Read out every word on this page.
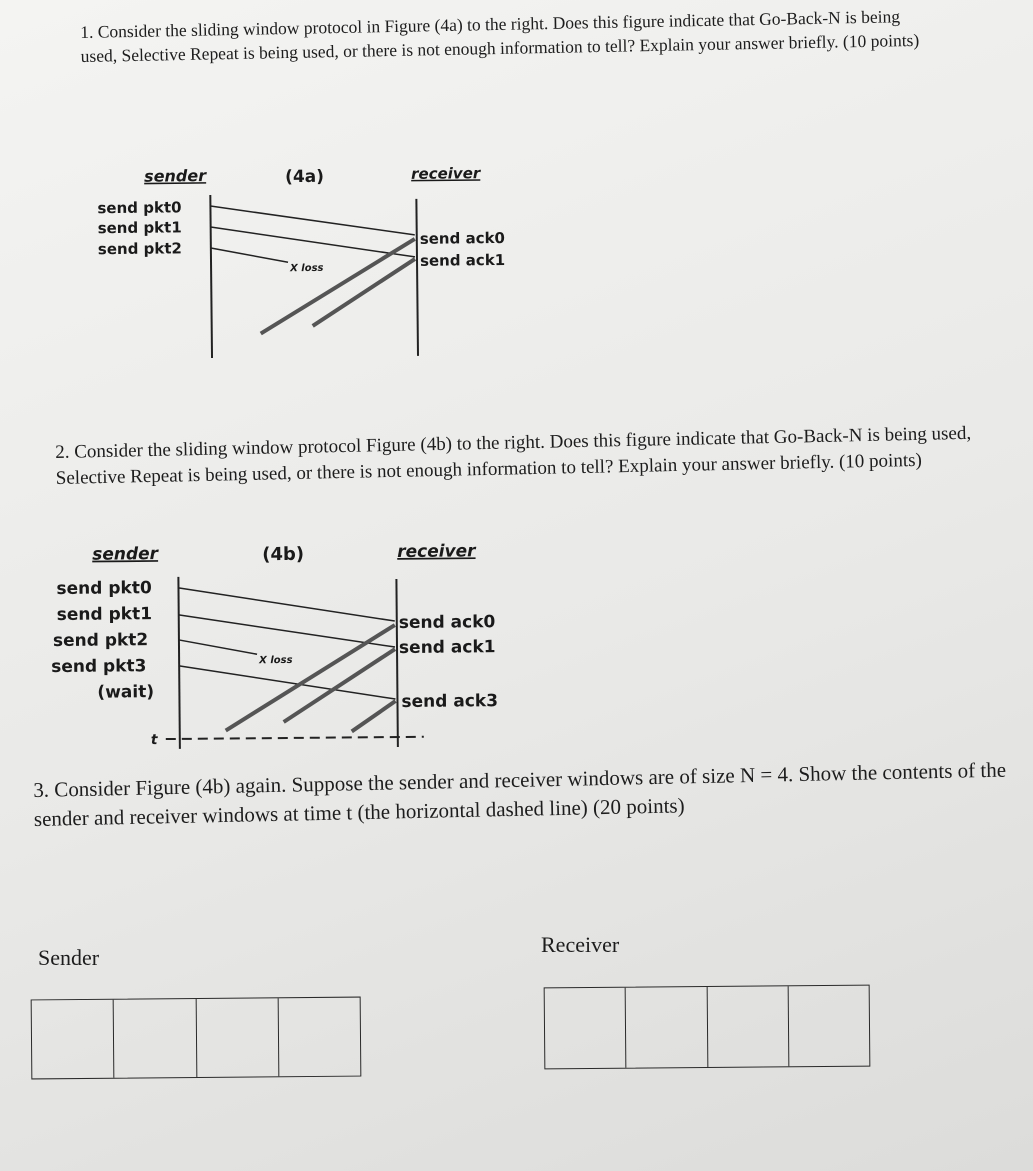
1. Consider the sliding window protocol in Figure (4a) to the right. Does this figure indicate that Go-Back-N is being used, Selective Repeat is being used, or there is not enough information to tell? Explain your answer briefly. (10 points)
sender	(4a)	receiver
send pkt0
send pkt1
send pkt2
X loss
send ack0
send ack1
2. Consider the sliding window protocol Figure (4b) to the right. Does this figure indicate that Go-Back-N is being used, Selective Repeat is being used, or there is not enough information to tell? Explain your answer briefly. (10 points)
sender	(4b)	receiver
send pkt0
send pkt1
send pkt2
send pkt3
(wait)
X loss
send ack0
send ack1
send ack3
t
3. Consider Figure (4b) again. Suppose the sender and receiver windows are of size N = 4. Show the contents of the sender and receiver windows at time t (the horizontal dashed line) (20 points)
Sender
Receiver
